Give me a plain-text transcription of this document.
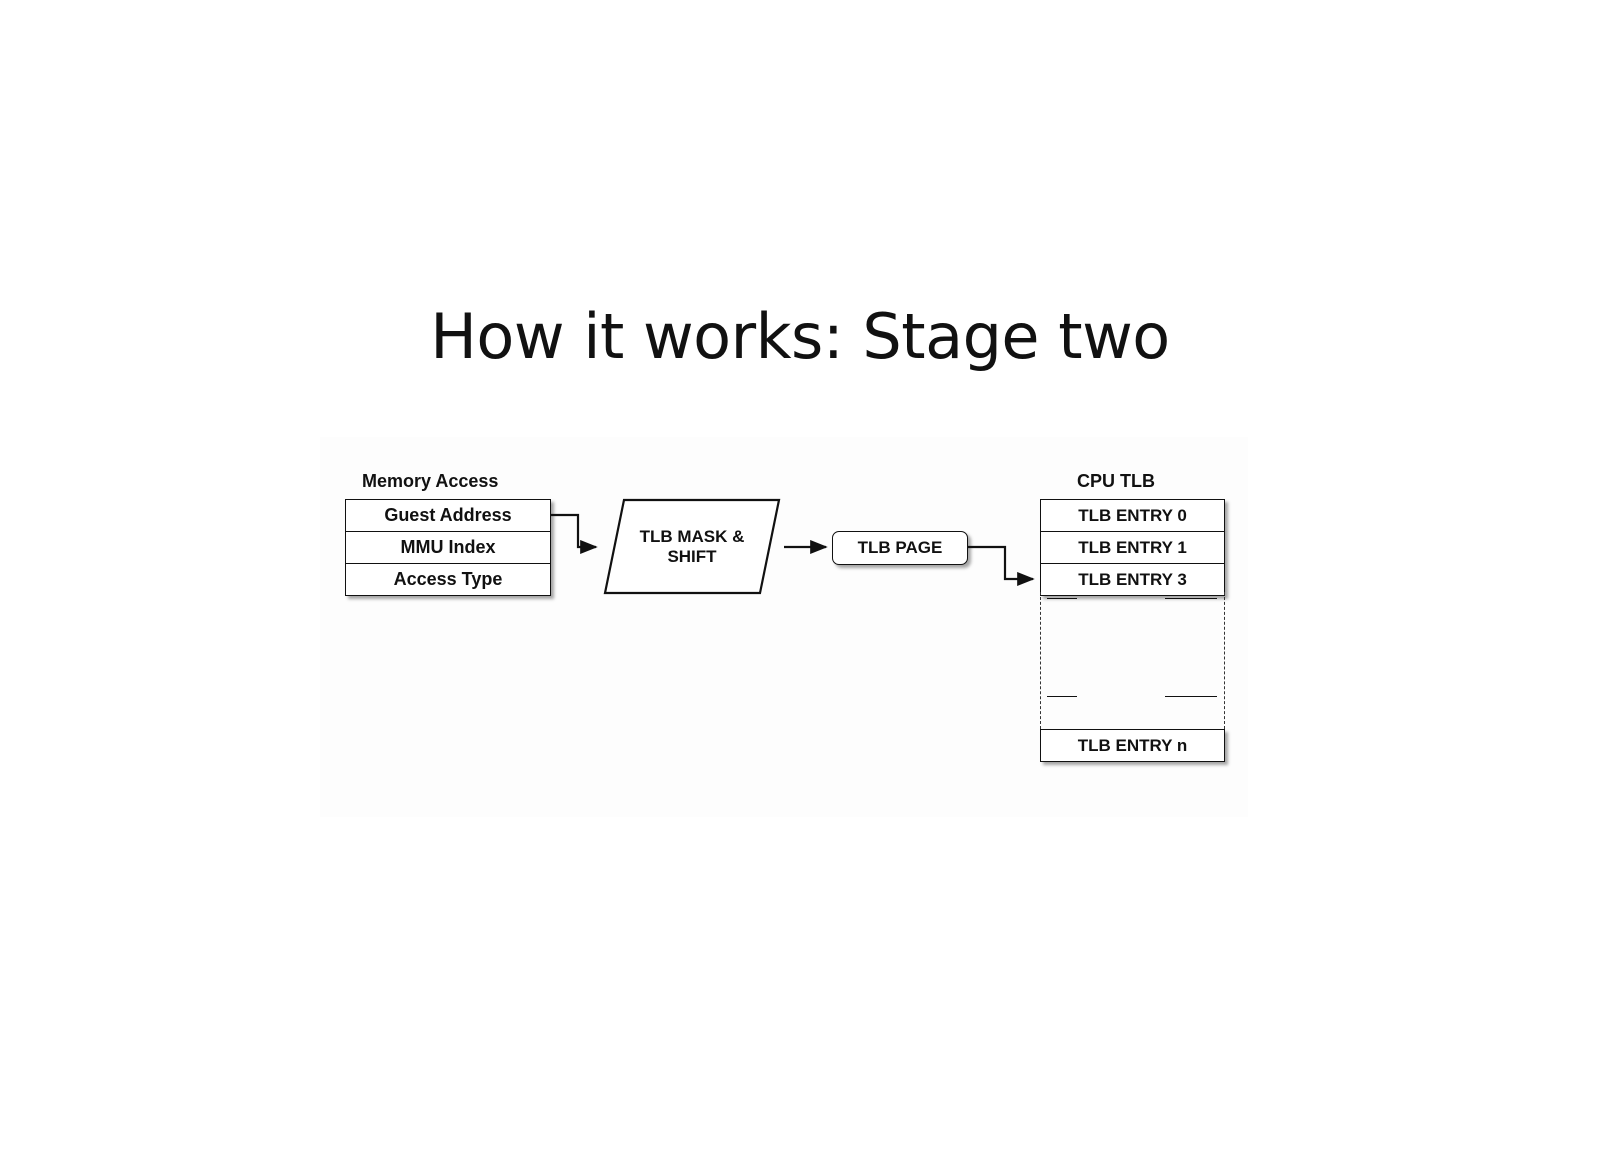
How it works: Stage two
Memory Access
Guest Address
MMU Index
Access Type
TLB MASK &
SHIFT	TLB PAGE
CPU TLB
TLB ENTRY 0
TLB ENTRY 1
TLB ENTRY 3
TLB ENTRY n
